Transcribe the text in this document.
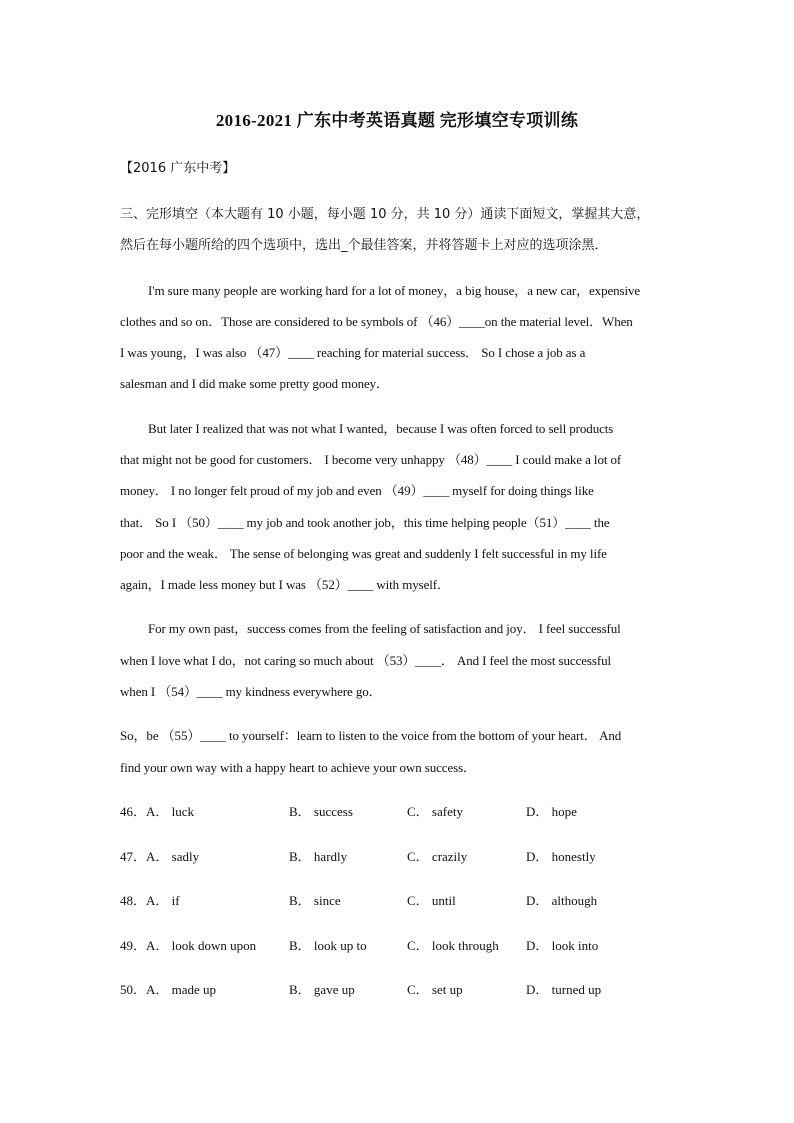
2016-2021 广东中考英语真题 完形填空专项训练
【2016 广东中考】
三、完形填空（本大题有 10 小题，每小题 10 分，共 10 分）通读下面短文，掌握其大意，
然后在每小题所给的四个选项中，选出_个最佳答案，并将答题卡上对应的选项涂黑．
I'm sure many people are working hard for a lot of money，a big house，a new car，expensive
clothes and so on．Those are considered to be symbols of （46）____on the material level．When
I was young，I was also （47）____ reaching for material success． So I chose a job as a
salesman and I did make some pretty good money．
But later I realized that was not what I wanted，because I was often forced to sell products
that might not be good for customers． I become very unhappy （48）____ I could make a lot of
money． I no longer felt proud of my job and even （49）____ myself for doing things like
that． So I （50）____ my job and took another job，this time helping people（51）____ the
poor and the weak． The sense of belonging was great and suddenly I felt successful in my life
again，I made less money but I was （52）____ with myself．
For my own past，success comes from the feeling of satisfaction and joy． I feel successful
when I love what I do，not caring so much about （53）____． And I feel the most successful
when I （54）____ my kindness everywhere go．
So，be （55）____ to yourself：learn to listen to the voice from the bottom of your heart． And
find your own way with a happy heart to achieve your own success．
46．A． luck	B． success	C． safety	D． hope
47．A． sadly	B． hardly	C． crazily	D． honestly
48．A． if	B． since	C． until	D． although
49．A． look down upon	B． look up to	C． look through D． look into
50．A． made up	B． gave up	C． set up	D． turned up
